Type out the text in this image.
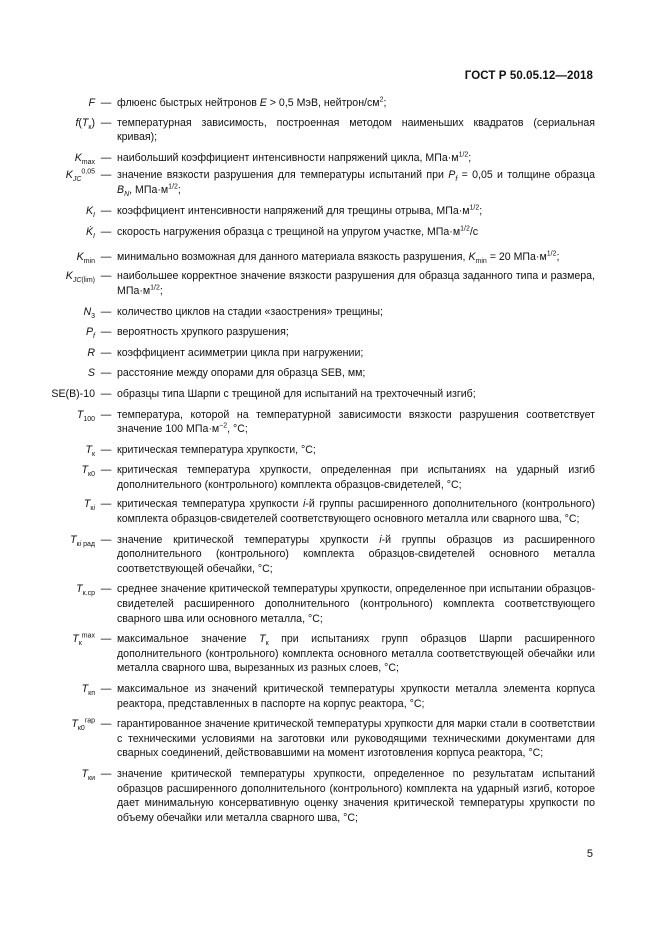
ГОСТ Р 50.05.12—2018
F — флюенс быстрых нейтронов E > 0,5 МэВ, нейтрон/$см^2$;
$f(T_к)$ — температурная зависимость, построенная методом наименьших квадратов (сериальная кривая);
$K_{max}$ — наибольший коэффициент интенсивности напряжений цикла, $МПа\cdot м^{1/2}$;
$K_{JC}^{0,05}$ — значение вязкости разрушения для температуры испытаний при $P_f = 0,05$ и толщине образца $B_N$, $МПа\cdot м^{1/2}$;
$K_I$ — коэффициент интенсивности напряжений для трещины отрыва, $МПа\cdot м^{1/2}$;
$K̇_I$ — скорость нагружения образца с трещиной на упругом участке, $МПа\cdot м^{1/2}/с$
$K_{min}$ — минимально возможная для данного материала вязкость разрушения, $K_{min} = 20$ $МПа\cdot м^{1/2}$;
$K_{JC(lim)}$ — наибольшее корректное значение вязкости разрушения для образца заданного типа и размера, $МПа\cdot м^{1/2}$;
$N_3$ — количество циклов на стадии «заострения» трещины;
$P_f$ — вероятность хрупкого разрушения;
R — коэффициент асимметрии цикла при нагружении;
S — расстояние между опорами для образца SEB, мм;
SE(B)-10 — образцы типа Шарпи с трещиной для испытаний на трехточечный изгиб;
$T_{100}$ — температура, которой на температурной зависимости вязкости разрушения соответствует значение 100 $МПа\cdot м^{-2}$, °С;
$T_к$ — критическая температура хрупкости, °С;
$T_{к0}$ — критическая температура хрупкости, определенная при испытаниях на ударный изгиб дополнительного (контрольного) комплекта образцов-свидетелей, °С;
$T_{кi}$ — критическая температура хрупкости i-й группы расширенного дополнительного (контрольного) комплекта образцов-свидетелей соответствующего основного металла или сварного шва, °С;
$T_{кi рад}$ — значение критической температуры хрупкости i-й группы образцов из расширенного дополнительного (контрольного) комплекта образцов-свидетелей основного металла соответствующей обечайки, °С;
$T_{к.ср}$ — среднее значение критической температуры хрупкости, определенное при испытании образцов-свидетелей расширенного дополнительного (контрольного) комплекта соответствующего сварного шва или основного металла, °С;
$T_к^{max}$ — максимальное значение $T_к$ при испытаниях групп образцов Шарпи расширенного дополнительного (контрольного) комплекта основного металла соответствующей обечайки или металла сварного шва, вырезанных из разных слоев, °С;
$T_{кп}$ — максимальное из значений критической температуры хрупкости металла элемента корпуса реактора, представленных в паспорте на корпус реактора, °С;
$T_{к0}^{гар}$ — гарантированное значение критической температуры хрупкости для марки стали в соответствии с техническими условиями на заготовки или руководящими техническими документами для сварных соединений, действовавшими на момент изготовления корпуса реактора, °С;
$T_{ки}$ — значение критической температуры хрупкости, определенное по результатам испытаний образцов расширенного дополнительного (контрольного) комплекта на ударный изгиб, которое дает минимальную консервативную оценку значения критической температуры хрупкости по объему обечайки или металла сварного шва, °С;
5
